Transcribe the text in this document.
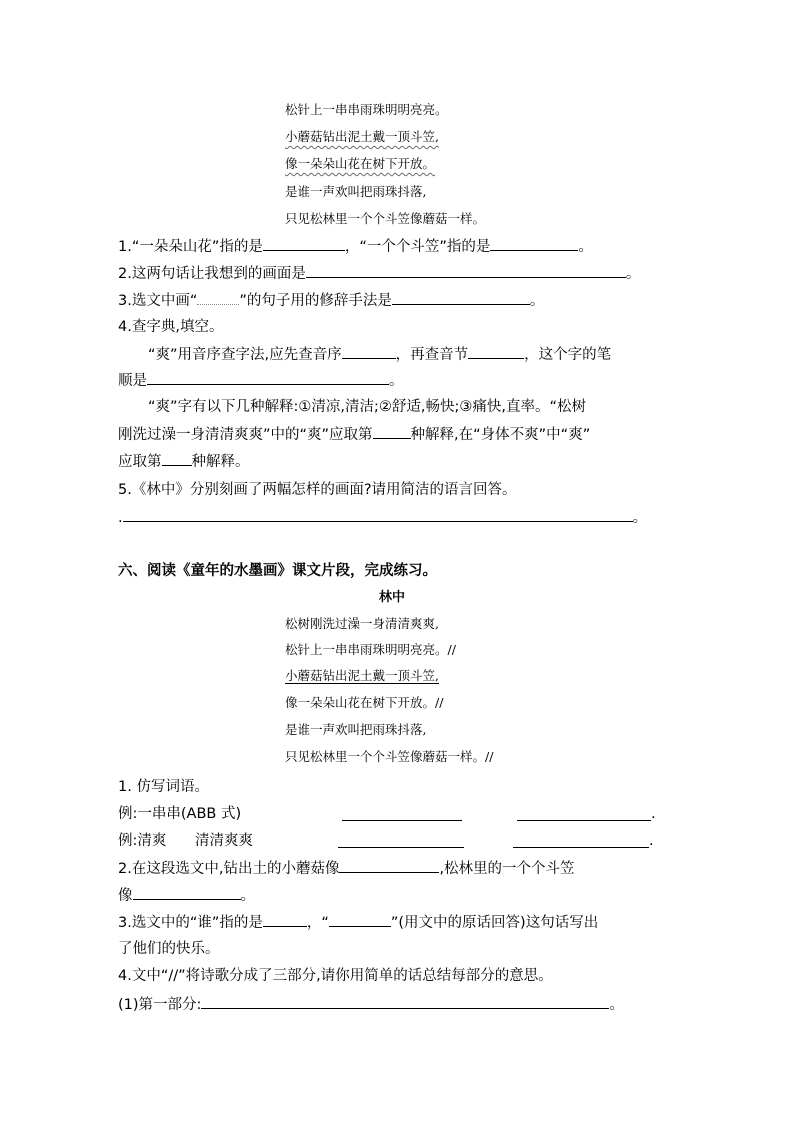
松针上一串串雨珠明明亮亮。
小蘑菇钻出泥土戴一顶斗笠,
像一朵朵山花在树下开放。
是谁一声欢叫把雨珠抖落,
只见松林里一个个斗笠像蘑菇一样。
1.“一朵朵山花”指的是	，“一个个斗笠”指的是	。
2.这两句话让我想到的画面是	。
3.选文中画“	”的句子用的修辞手法是	。
4.查字典,填空。
“爽”用音序查字法,应先查音序	，再查音节	，这个字的笔
顺是	。
“爽”字有以下几种解释:①清凉,清洁;②舒适,畅快;③痛快,直率。“松树
刚洗过澡一身清清爽爽”中的“爽”应取第	种解释,在“身体不爽”中“爽”
应取第 种解释。
5.《林中》分别刻画了两幅怎样的画面?请用简洁的语言回答。
.	。
六、阅读《童年的水墨画》课文片段，完成练习。
林中
松树刚洗过澡一身清清爽爽,
松针上一串串雨珠明明亮亮。//
小蘑菇钻出泥土戴一顶斗笠,
像一朵朵山花在树下开放。//
是谁一声欢叫把雨珠抖落,
只见松林里一个个斗笠像蘑菇一样。//
1. 仿写词语。
例:一串串(ABB 式)	.
例:清爽 清清爽爽	.
2.在这段选文中,钻出土的小蘑菇像	,松林里的一个个斗笠
像	。
3.选文中的“谁”指的是	，“	”(用文中的原话回答)这句话写出
了他们的快乐。
4.文中“//”将诗歌分成了三部分,请你用简单的话总结每部分的意思。
(1)第一部分:	。
